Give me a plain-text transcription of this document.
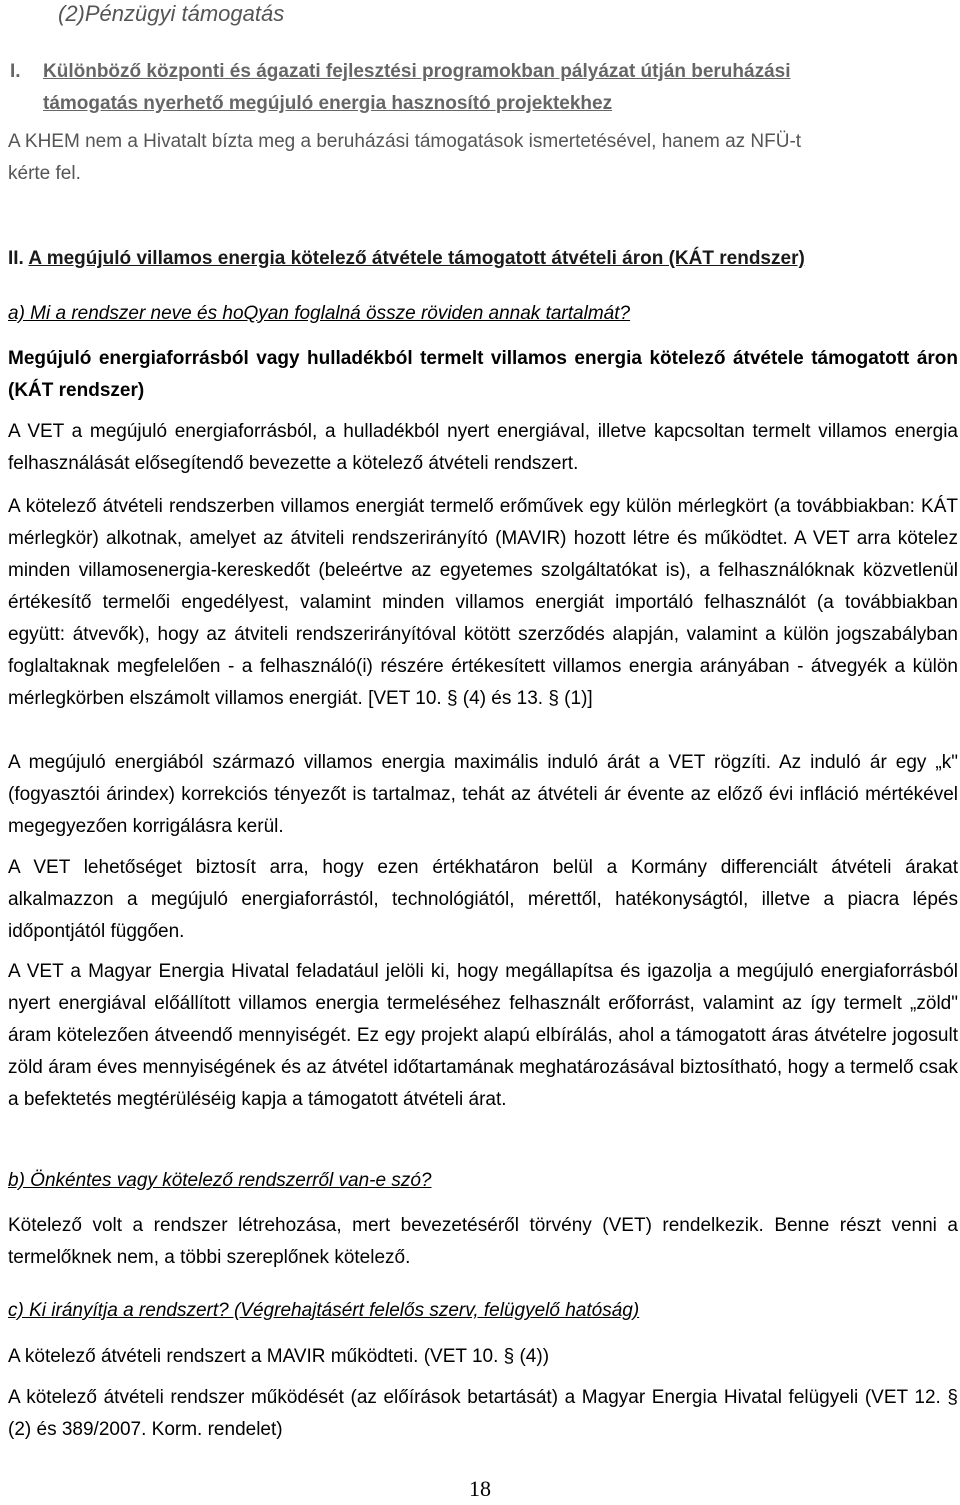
(2)Pénzügyi támogatás

I. Különböző központi és ágazati fejlesztési programokban pályázat útján beruházási
támogatás nyerhető megújuló energia hasznosító projektekhez
A KHEM nem a Hivatalt bízta meg a beruházási támogatások ismertetésével, hanem az NFÜ-t
kérte fel.
II. A megújuló villamos energia kötelező átvétele támogatott átvételi áron (KÁT rendszer)
a) Mi a rendszer neve és hoQyan foglalná össze röviden annak tartalmát?
Megújuló energiaforrásból vagy hulladékból termelt villamos energia kötelező átvétele támogatott áron (KÁT rendszer)
A VET a megújuló energiaforrásból, a hulladékból nyert energiával, illetve kapcsoltan termelt villamos energia felhasználását elősegítendő bevezette a kötelező átvételi rendszert.
A kötelező átvételi rendszerben villamos energiát termelő erőművek egy külön mérlegkört (a továbbiakban: KÁT mérlegkör) alkotnak, amelyet az átviteli rendszerirányító (MAVIR) hozott létre és működtet. A VET arra kötelez minden villamosenergia-kereskedőt (beleértve az egyetemes szolgáltatókat is), a felhasználóknak közvetlenül értékesítő termelői engedélyest, valamint minden villamos energiát importáló felhasználót (a továbbiakban együtt: átvevők), hogy az átviteli rendszerirányítóval kötött szerződés alapján, valamint a külön jogszabályban foglaltaknak megfelelően - a felhasználó(i) részére értékesített villamos energia arányában - átvegyék a külön mérlegkörben elszámolt villamos energiát. [VET 10. § (4) és 13. § (1)]
A megújuló energiából származó villamos energia maximális induló árát a VET rögzíti. Az induló ár egy „k" (fogyasztói árindex) korrekciós tényezőt is tartalmaz, tehát az átvételi ár évente az előző évi infláció mértékével megegyezően korrigálásra kerül.
A VET lehetőséget biztosít arra, hogy ezen értékhatáron belül a Kormány differenciált átvételi árakat alkalmazzon a megújuló energiaforrástól, technológiától, mérettől, hatékonyságtól, illetve a piacra lépés időpontjától függően.
A VET a Magyar Energia Hivatal feladatául jelöli ki, hogy megállapítsa és igazolja a megújuló energiaforrásból nyert energiával előállított villamos energia termeléséhez felhasznált erőforrást, valamint az így termelt „zöld" áram kötelezően átveendő mennyiségét. Ez egy projekt alapú elbírálás, ahol a támogatott áras átvételre jogosult zöld áram éves mennyiségének és az átvétel időtartamának meghatározásával biztosítható, hogy a termelő csak a befektetés megtérüléséig kapja a támogatott átvételi árat.
b) Önkéntes vagy kötelező rendszerről van-e szó?
Kötelező volt a rendszer létrehozása, mert bevezetéséről törvény (VET) rendelkezik. Benne részt venni a termelőknek nem, a többi szereplőnek kötelező.
c) Ki irányítja a rendszert? (Végrehajtásért felelős szerv, felügyelő hatóság)
A kötelező átvételi rendszert a MAVIR működteti. (VET 10. § (4))
A kötelező átvételi rendszer működését (az előírások betartását) a Magyar Energia Hivatal felügyeli (VET 12. § (2) és 389/2007. Korm. rendelet)

18
